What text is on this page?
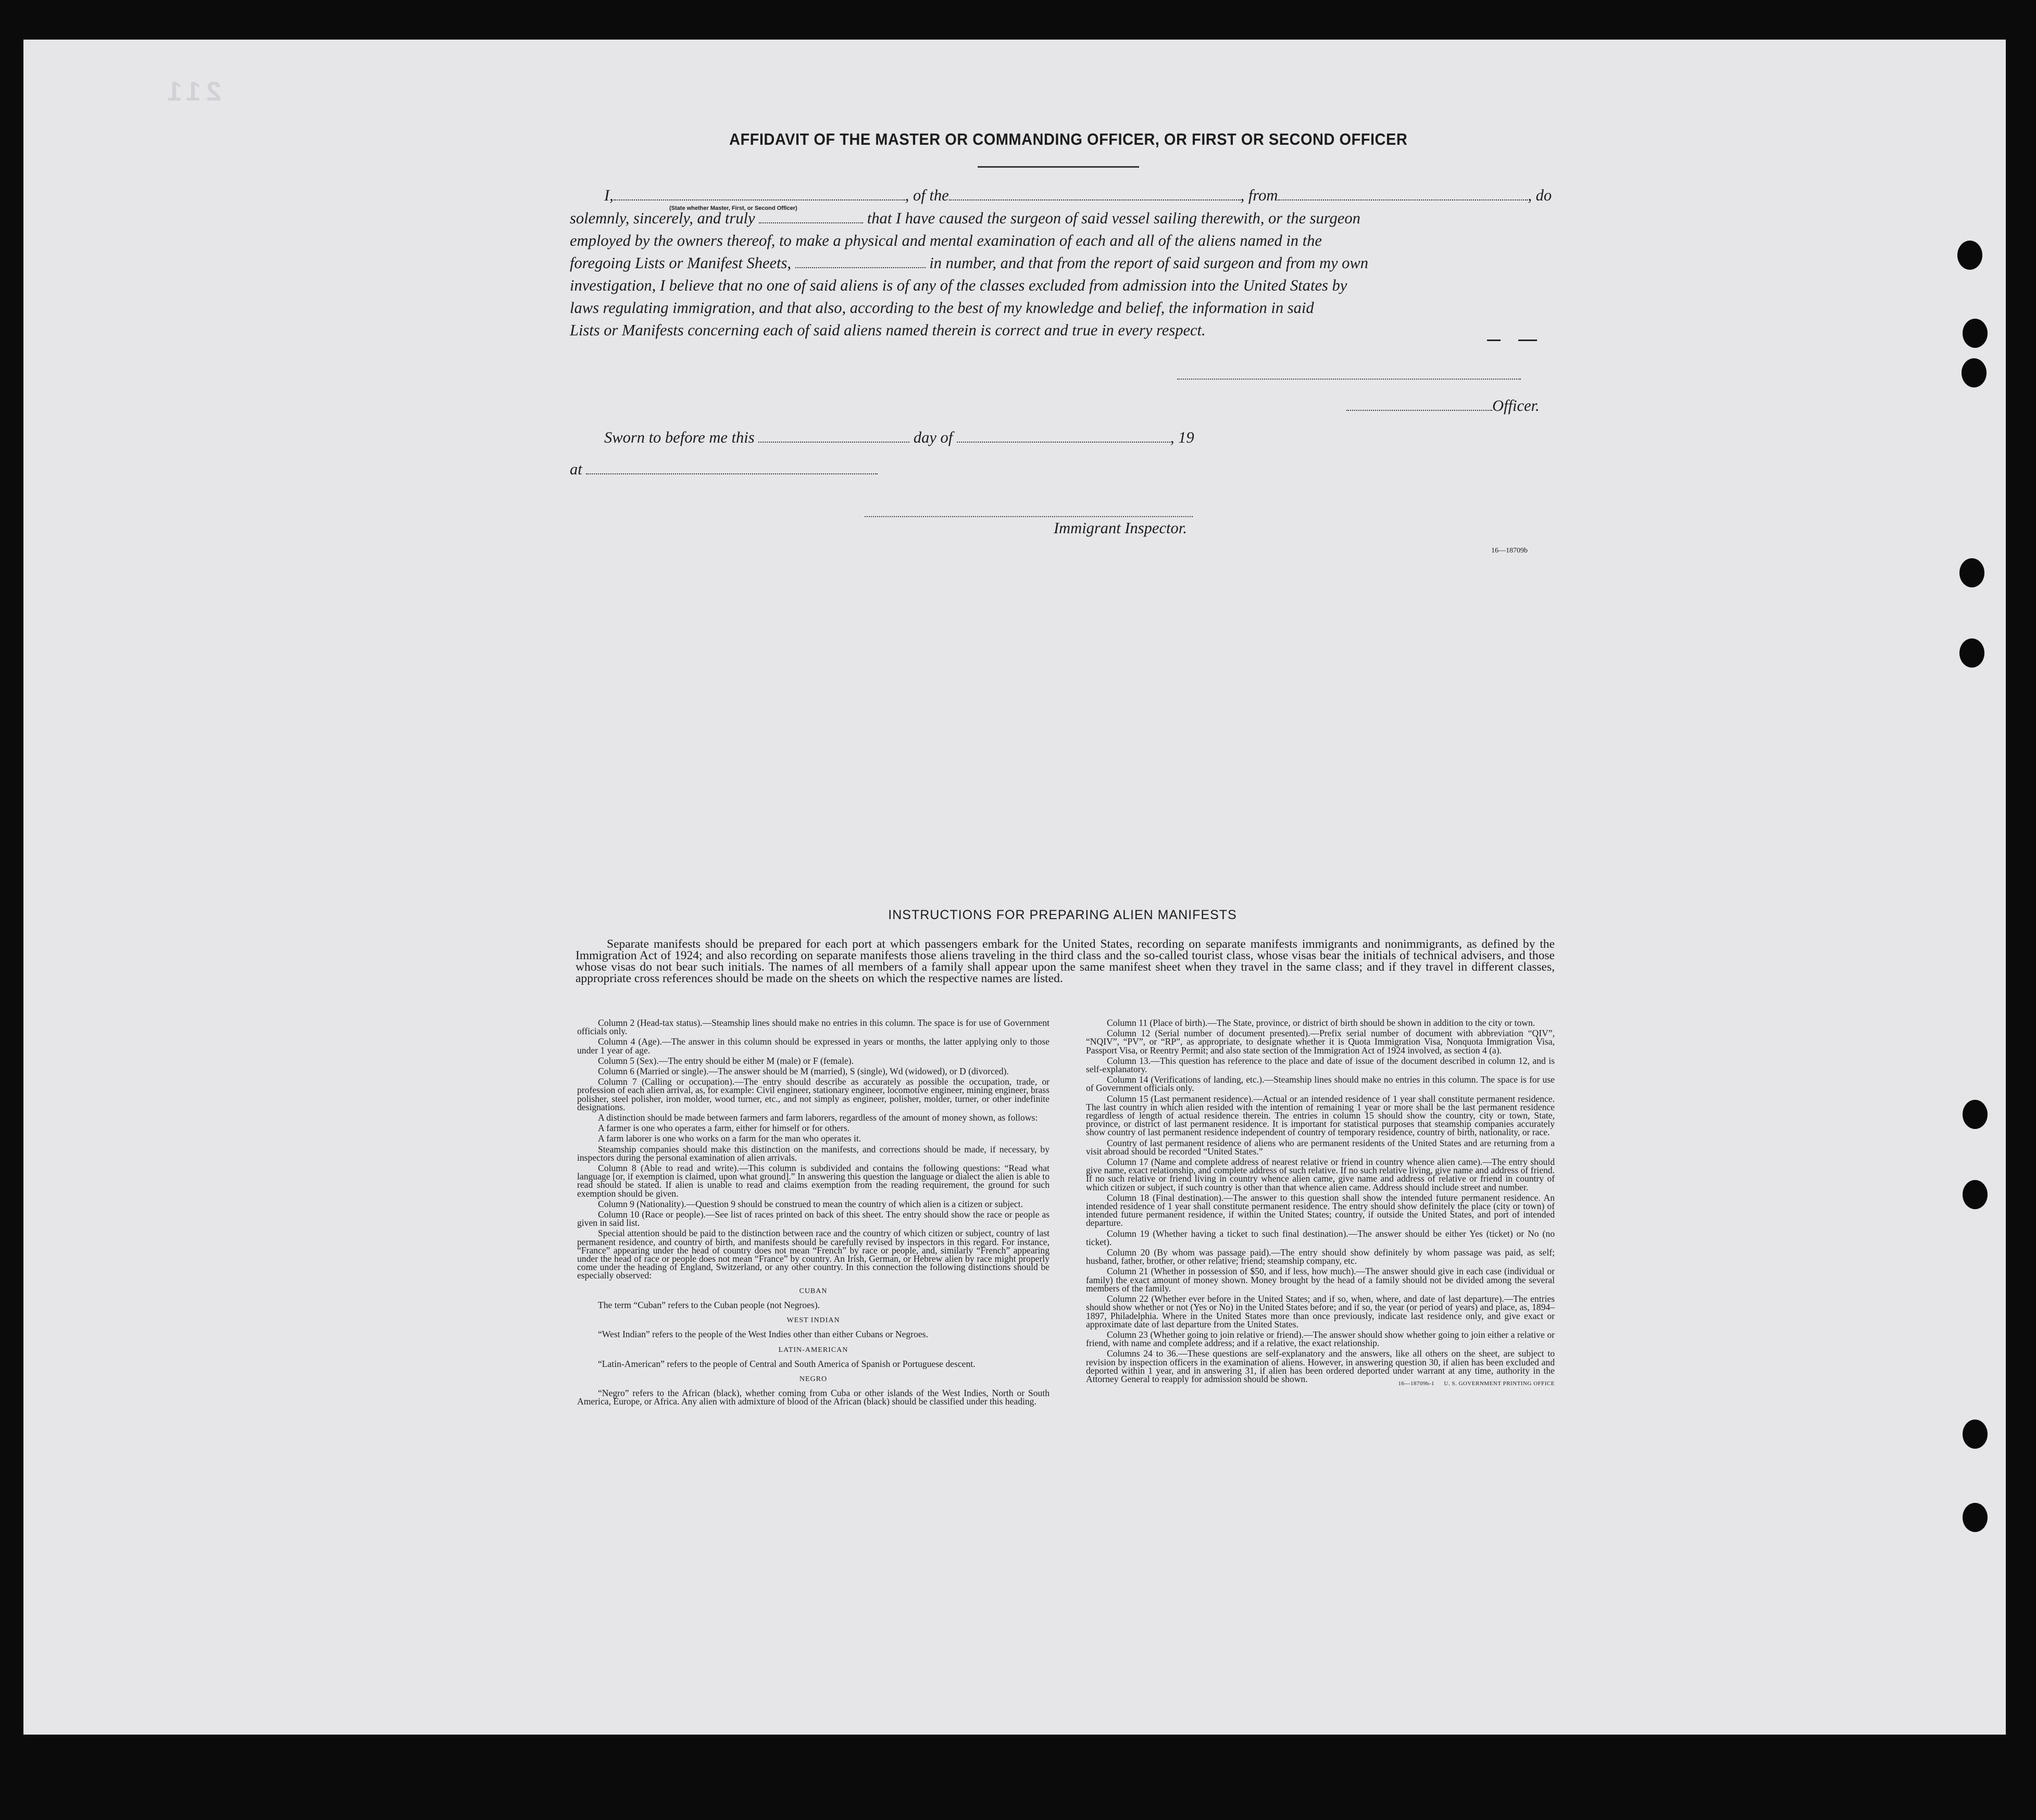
211
AFFIDAVIT OF THE MASTER OR COMMANDING OFFICER, OR FIRST OR SECOND OFFICER
I,	, of the	, from	, do
(State whether Master, First, or Second Officer)
solemnly, sincerely, and truly	that I have caused the surgeon of said vessel sailing therewith, or the surgeon
employed by the owners thereof, to make a physical and mental examination of each and all of the aliens named in the
foregoing Lists or Manifest Sheets,	in number, and that from the report of said surgeon and from my own
investigation, I believe that no one of said aliens is of any of the classes excluded from admission into the United States by
laws regulating immigration, and that also, according to the best of my knowledge and belief, the information in said
Lists or Manifests concerning each of said aliens named therein is correct and true in every respect.
Officer.
Sworn to before me this	day of	, 19
at
Immigrant Inspector.
16—18709b
INSTRUCTIONS FOR PREPARING ALIEN MANIFESTS
Separate manifests should be prepared for each port at which passengers embark for the United States, recording on separate manifests immigrants and nonimmigrants, as defined by the Immigration Act of 1924; and also recording on separate manifests those aliens traveling in the third class and the so-called tourist class, whose visas bear the initials of technical advisers, and those whose visas do not bear such initials. The names of all members of a family shall appear upon the same manifest sheet when they travel in the same class; and if they travel in different classes, appropriate cross references should be made on the sheets on which the respective names are listed.

Column 2 (Head-tax status).—Steamship lines should make no entries in this column. The space is for use of Government officials only.

Column 4 (Age).—The answer in this column should be expressed in years or months, the latter applying only to those under 1 year of age.

Column 5 (Sex).—The entry should be either M (male) or F (female).

Column 6 (Married or single).—The answer should be M (married), S (single), Wd (widowed), or D (divorced).

Column 7 (Calling or occupation).—The entry should describe as accurately as possible the occupation, trade, or profession of each alien arrival, as, for example: Civil engineer, stationary engineer, locomotive engineer, mining engineer, brass polisher, steel polisher, iron molder, wood turner, etc., and not simply as engineer, polisher, molder, turner, or other indefinite designations.

A distinction should be made between farmers and farm laborers, regardless of the amount of money shown, as follows:

A farmer is one who operates a farm, either for himself or for others.

A farm laborer is one who works on a farm for the man who operates it.

Steamship companies should make this distinction on the manifests, and corrections should be made, if necessary, by inspectors during the personal examination of alien arrivals.

Column 8 (Able to read and write).—This column is subdivided and contains the following questions: “Read what language [or, if exemption is claimed, upon what ground].” In answering this question the language or dialect the alien is able to read should be stated. If alien is unable to read and claims exemption from the reading requirement, the ground for such exemption should be given.

Column 9 (Nationality).—Question 9 should be construed to mean the country of which alien is a citizen or subject.

Column 10 (Race or people).—See list of races printed on back of this sheet. The entry should show the race or people as given in said list.

Special attention should be paid to the distinction between race and the country of which citizen or subject, country of last permanent residence, and country of birth, and manifests should be carefully revised by inspectors in this regard. For instance, “France” appearing under the head of country does not mean “French” by race or people, and, similarly “French” appearing under the head of race or people does not mean “France” by country. An Irish, German, or Hebrew alien by race might properly come under the heading of England, Switzerland, or any other country. In this connection the following distinctions should be especially observed:

CUBAN

The term “Cuban” refers to the Cuban people (not Negroes).

WEST INDIAN

“West Indian” refers to the people of the West Indies other than either Cubans or Negroes.

LATIN-AMERICAN

“Latin-American” refers to the people of Central and South America of Spanish or Portuguese descent.

NEGRO

“Negro” refers to the African (black), whether coming from Cuba or other islands of the West Indies, North or South America, Europe, or Africa. Any alien with admixture of blood of the African (black) should be classified under this heading.

Column 11 (Place of birth).—The State, province, or district of birth should be shown in addition to the city or town.

Column 12 (Serial number of document presented).—Prefix serial number of document with abbreviation “QIV”, “NQIV”, “PV”, or “RP”, as appropriate, to designate whether it is Quota Immigration Visa, Nonquota Immigration Visa, Passport Visa, or Reentry Permit; and also state section of the Immigration Act of 1924 involved, as section 4 (a).

Column 13.—This question has reference to the place and date of issue of the document described in column 12, and is self-explanatory.

Column 14 (Verifications of landing, etc.).—Steamship lines should make no entries in this column. The space is for use of Government officials only.

Column 15 (Last permanent residence).—Actual or an intended residence of 1 year shall constitute permanent residence. The last country in which alien resided with the intention of remaining 1 year or more shall be the last permanent residence regardless of length of actual residence therein. The entries in column 15 should show the country, city or town, State, province, or district of last permanent residence. It is important for statistical purposes that steamship companies accurately show country of last permanent residence independent of country of temporary residence, country of birth, nationality, or race.

Country of last permanent residence of aliens who are permanent residents of the United States and are returning from a visit abroad should be recorded “United States.”

Column 17 (Name and complete address of nearest relative or friend in country whence alien came).—The entry should give name, exact relationship, and complete address of such relative. If no such relative living, give name and address of friend. If no such relative or friend living in country whence alien came, give name and address of relative or friend in country of which citizen or subject, if such country is other than that whence alien came. Address should include street and number.

Column 18 (Final destination).—The answer to this question shall show the intended future permanent residence. An intended residence of 1 year shall constitute permanent residence. The entry should show definitely the place (city or town) of intended future permanent residence, if within the United States; country, if outside the United States, and port of intended departure.

Column 19 (Whether having a ticket to such final destination).—The answer should be either Yes (ticket) or No (no ticket).

Column 20 (By whom was passage paid).—The entry should show definitely by whom passage was paid, as self; husband, father, brother, or other relative; friend; steamship company, etc.

Column 21 (Whether in possession of $50, and if less, how much).—The answer should give in each case (individual or family) the exact amount of money shown. Money brought by the head of a family should not be divided among the several members of the family.

Column 22 (Whether ever before in the United States; and if so, when, where, and date of last departure).—The entries should show whether or not (Yes or No) in the United States before; and if so, the year (or period of years) and place, as, 1894–1897, Philadelphia. Where in the United States more than once previously, indicate last residence only, and give exact or approximate date of last departure from the United States.

Column 23 (Whether going to join relative or friend).—The answer should show whether going to join either a relative or friend, with name and complete address; and if a relative, the exact relationship.

Columns 24 to 36.—These questions are self-explanatory and the answers, like all others on the sheet, are subject to revision by inspection officers in the examination of aliens. However, in answering question 30, if alien has been excluded and deported within 1 year, and in answering 31, if alien has been ordered deported under warrant at any time, authority in the Attorney General to reapply for admission should be shown.	16—18709b-1 U. S. GOVERNMENT PRINTING OFFICE
